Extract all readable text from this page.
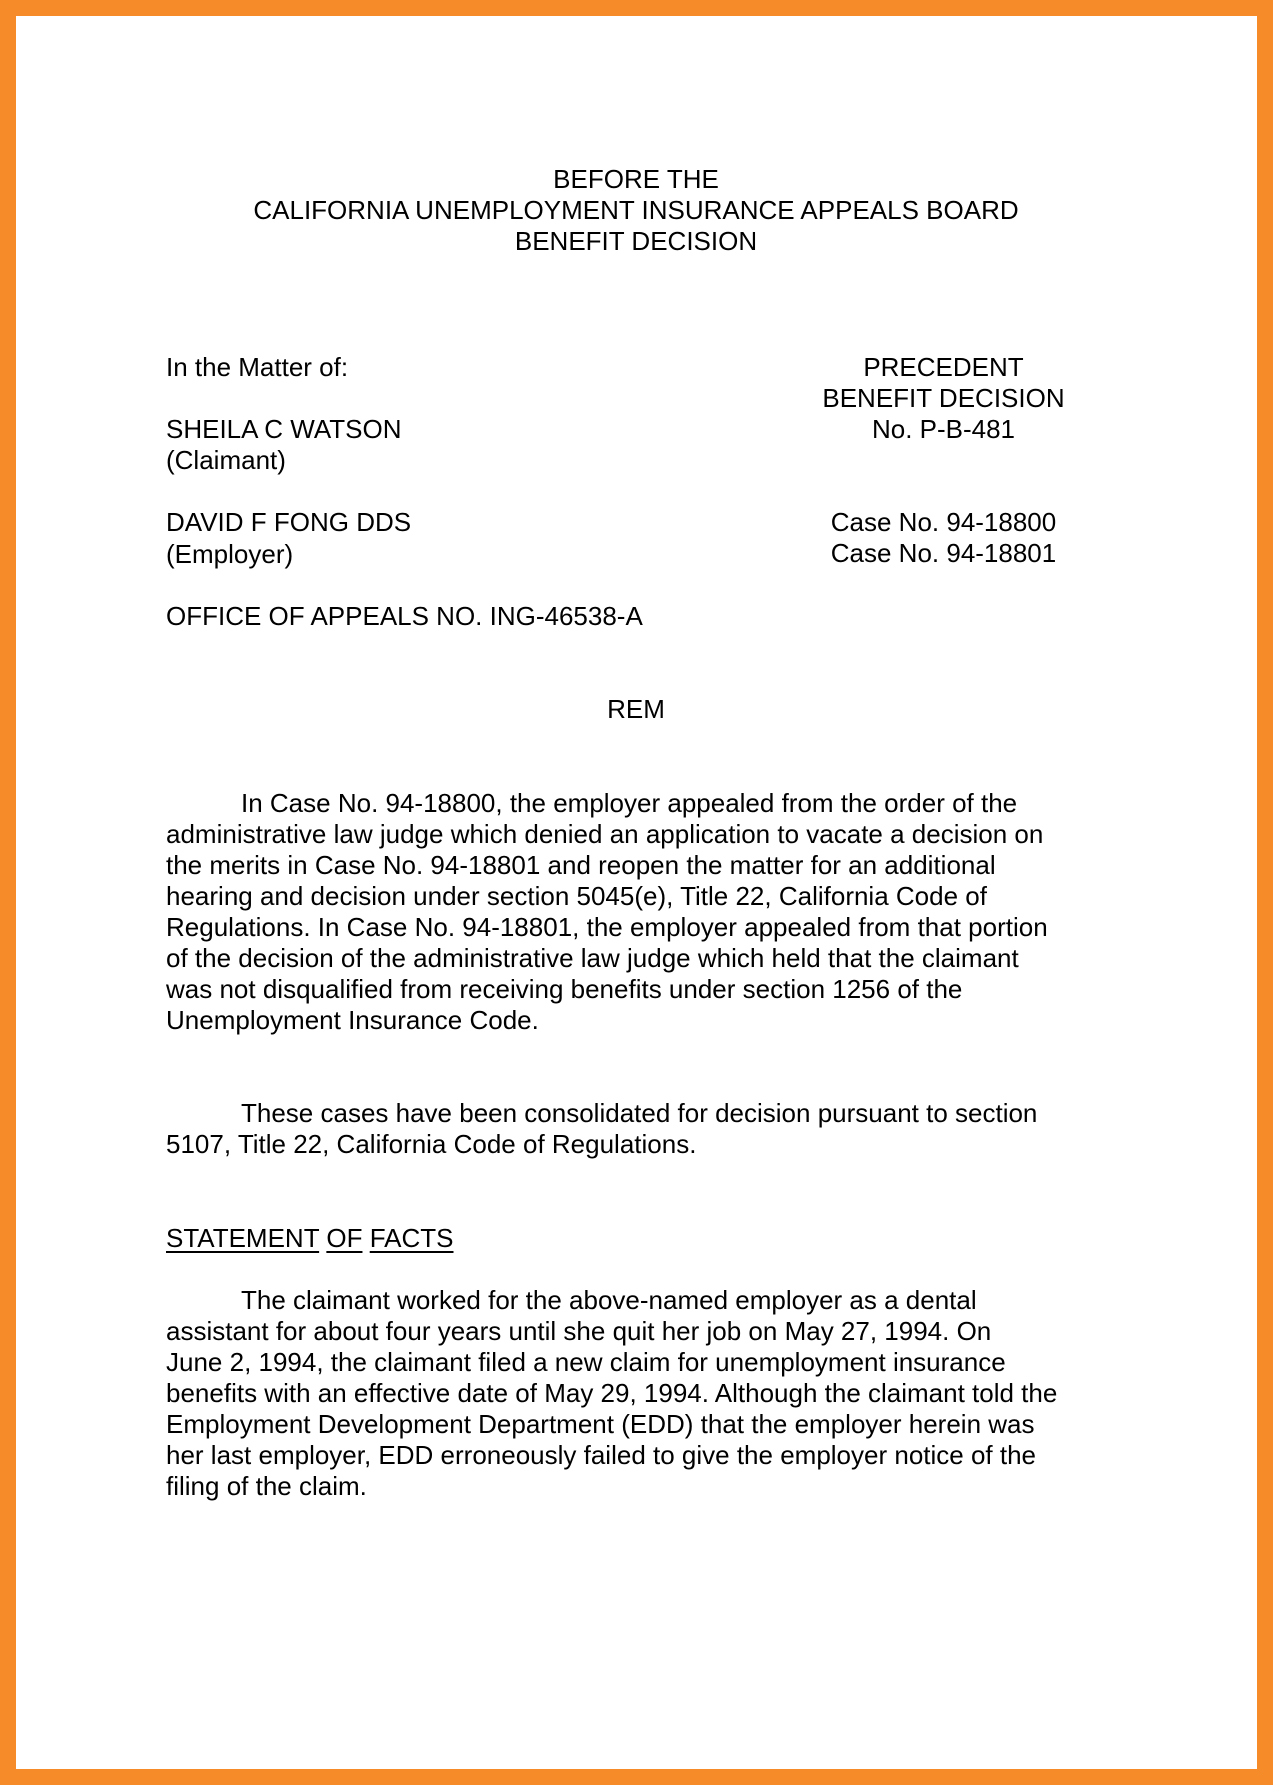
BEFORE THE
CALIFORNIA UNEMPLOYMENT INSURANCE APPEALS BOARD
BENEFIT DECISION
In the Matter of:	PRECEDENT
BENEFIT DECISION
No. P-B-481
SHEILA C WATSON
(Claimant)
DAVID F FONG DDS
(Employer)
Case No. 94-18800
Case No. 94-18801
OFFICE OF APPEALS NO. ING-46538-A
REM

In Case No. 94-18800, the employer appealed from the order of the

administrative law judge which denied an application to vacate a decision on

the merits in Case No. 94-18801 and reopen the matter for an additional

hearing and decision under section 5045(e), Title 22, California Code of

Regulations. In Case No. 94-18801, the employer appealed from that portion

of the decision of the administrative law judge which held that the claimant

was not disqualified from receiving benefits under section 1256 of the

Unemployment Insurance Code.

These cases have been consolidated for decision pursuant to section

5107, Title 22, California Code of Regulations.

STATEMENT OF FACTS

The claimant worked for the above-named employer as a dental

assistant for about four years until she quit her job on May 27, 1994. On

June 2, 1994, the claimant filed a new claim for unemployment insurance

benefits with an effective date of May 29, 1994. Although the claimant told the

Employment Development Department (EDD) that the employer herein was

her last employer, EDD erroneously failed to give the employer notice of the

filing of the claim.
